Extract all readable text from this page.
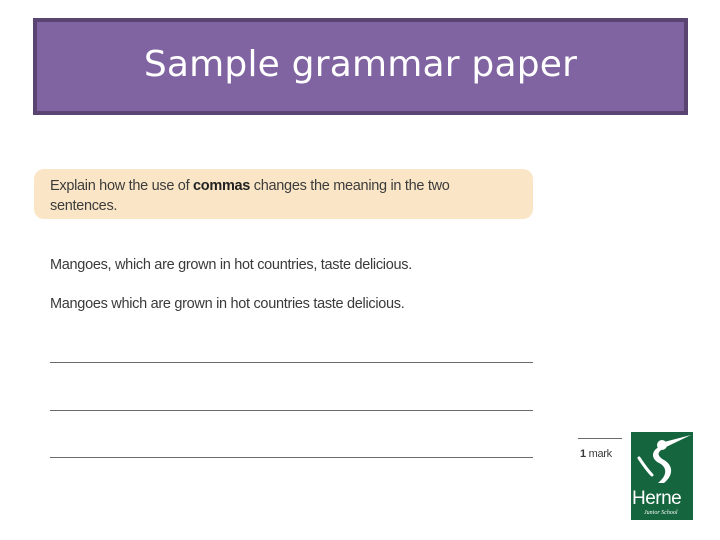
Sample grammar paper
Explain how the use of commas changes the meaning in the two sentences.
Mangoes, which are grown in hot countries, taste delicious.
Mangoes which are grown in hot countries taste delicious.
1 mark
Herne
Junior School
